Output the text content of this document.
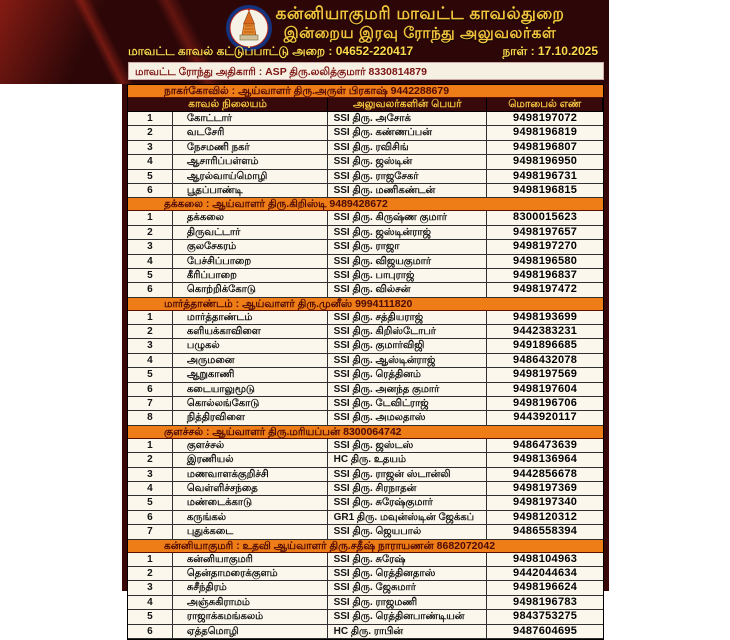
கன்னியாகுமரி மாவட்ட காவல்துறை
இன்றைய இரவு ரோந்து அலுவலர்கள்
மாவட்ட காவல் கட்டுப்பாட்டு அறை : 04652-220417	நாள் : 17.10.2025
மாவட்ட ரோந்து அதிகாரி : ASP திரு.லலித்குமார் 8330814879
நாகர்கோவில் : ஆய்வாளர் திரு.அருள் பிரகாஷ் 9442288679
காவல் நிலையம்	அலுவலர்களின் பெயர்	மொபைல் எண்
1	கோட்டார்	SSI திரு. அசோக்	9498197072
2	வடசேரி	SSI திரு. கண்ணப்பன்	9498196819
3	நேசமணி நகர்	SSI திரு. ரவிசிங்	9498196807
4	ஆசாரிப்பள்ளம்	SSI திரு. ஜஸ்டின்	9498196950
5	ஆரல்வாய்மொழி	SSI திரு. ராஜசேகர்	9498196731
6	பூதப்பாண்டி	SSI திரு. மணிகண்டன்	9498196815
தக்கலை : ஆய்வாளர் திரு.கிறிஸ்டி 9489428672
1	தக்கலை	SSI திரு. கிருஷ்ண குமார்	8300015623
2	திருவட்டார்	SSI திரு. ஜஸ்டின்ராஜ்	9498197657
3	குலசேகரம்	SSI திரு. ராஜா	9498197270
4	பேச்சிப்பாறை	SSI திரு. விஜயகுமார்	9498196580
5	கீரிப்பாறை	SSI திரு. பாபுராஜ்	9498196837
6	கொற்றிக்கோடு	SSI திரு. வில்சன்	9498197472
மார்த்தாண்டம் : ஆய்வாளர் திரு.முனீஸ் 9994111820
1	மார்த்தாண்டம்	SSI திரு. சத்தியராஜ்	9498193699
2	களியக்காவிளை	SSI திரு. கிறிஸ்டோபர்	9442383231
3	பழுகல்	SSI திரு. குமார்விஜி	9491896685
4	அருமனை	SSI திரு. ஆஸ்டின்ராஜ்	9486432078
5	ஆறுகாணி	SSI திரு. ரெத்தினம்	9498197569
6	கடையாலுமூடு	SSI திரு. அனந்த குமார்	9498197604
7	கொல்லங்கோடு	SSI திரு. டேவிட்ராஜ்	9498196706
8	நித்திரவிளை	SSI திரு. அமலதாஸ்	9443920117
குளச்சல் : ஆய்வாளர் திரு.மரியப்பன் 8300064742
1	குளச்சல்	SSI திரு. ஜஸ்டஸ்	9486473639
2	இரணியல்	HC திரு. உதயம்	9498136964
3	மணவாளக்குறிச்சி	SSI திரு. ராஜன் ஸ்டான்லி	9442856678
4	வெள்ளிச்சந்தை	SSI திரு. சிரநாதன்	9498197369
5	மண்டைக்காடு	SSI திரு. சுரேஷ்குமார்	9498197340
6	கருங்கல்	GR1 திரு. மவுன்ஸ்டின் ஜேக்கப்	9498120312
7	புதுக்கடை	SSI திரு. ஜெயபால்	9486558394
கன்னியாகுமரி : உதவி ஆய்வாளர் திரு.சதீஷ் நாராயணன் 8682072042
1	கன்னியாகுமரி	SSI திரு. சுரேஷ்	9498104963
2	தென்தாமரைக்குளம்	SSI திரு. ரெத்தினதாஸ்	9442044634
3	சுசீந்திரம்	SSI திரு. ஜேசுமார்	9498196624
4	அஞ்சுகிராமம்	SSI திரு. ராஜமணி	9498196783
5	ராஜாக்கமங்கலம்	SSI திரு. ரெத்தினபாண்டியன்	9843753275
6	ஏத்தமொழி	HC திரு. ராபின்	9487604695
